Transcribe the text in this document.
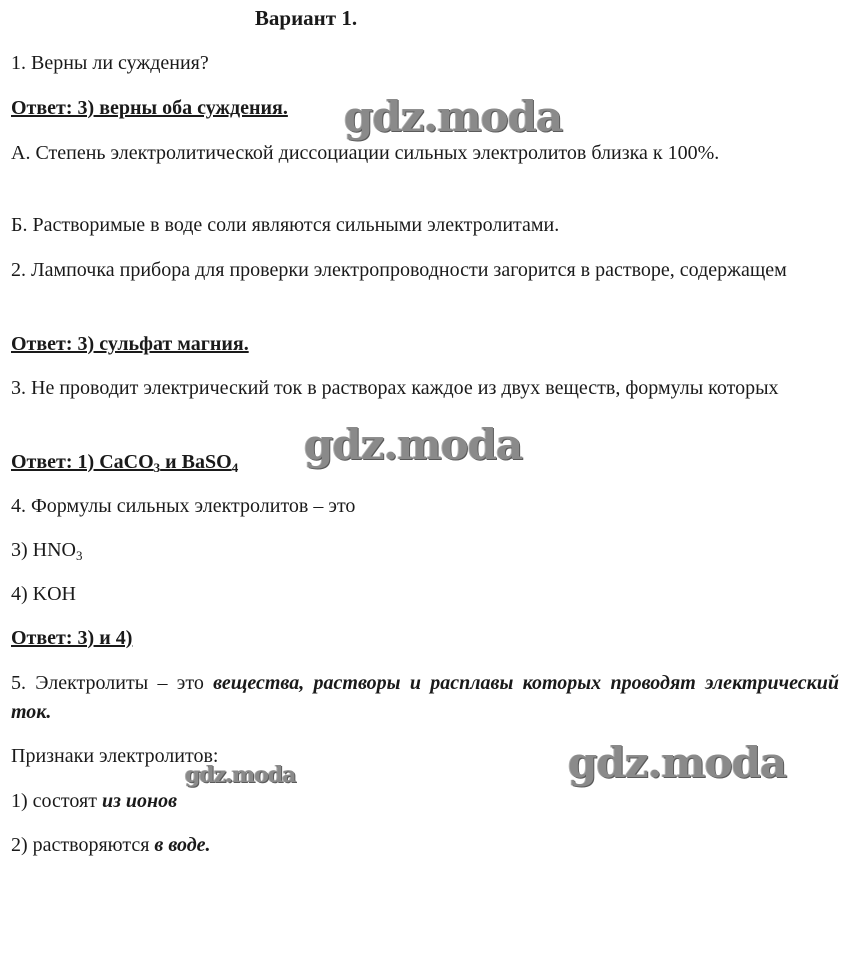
Вариант 1.
1. Верны ли суждения?
Ответ: 3) верны оба суждения.
А. Степень электролитической диссоциации сильных электролитов близка к 100%.
Б. Растворимые в воде соли являются сильными электролитами.
2. Лампочка прибора для проверки электропроводности загорится в растворе, содержащем
Ответ: 3) сульфат магния.
3. Не проводит электрический ток в растворах каждое из двух веществ, формулы которых
Ответ: 1) CaCO$_3$ и BaSO$_4$
4. Формулы сильных электролитов – это
3) $HNO_3$
4) KOH
Ответ: 3) и 4)
5. Электролиты – это вещества, растворы и расплавы которых проводят электрический ток.
Признаки электролитов:
1) состоят из ионов
2) растворяются в воде.
gdz.moda
gdz.moda
gdz.moda	gdz.moda
